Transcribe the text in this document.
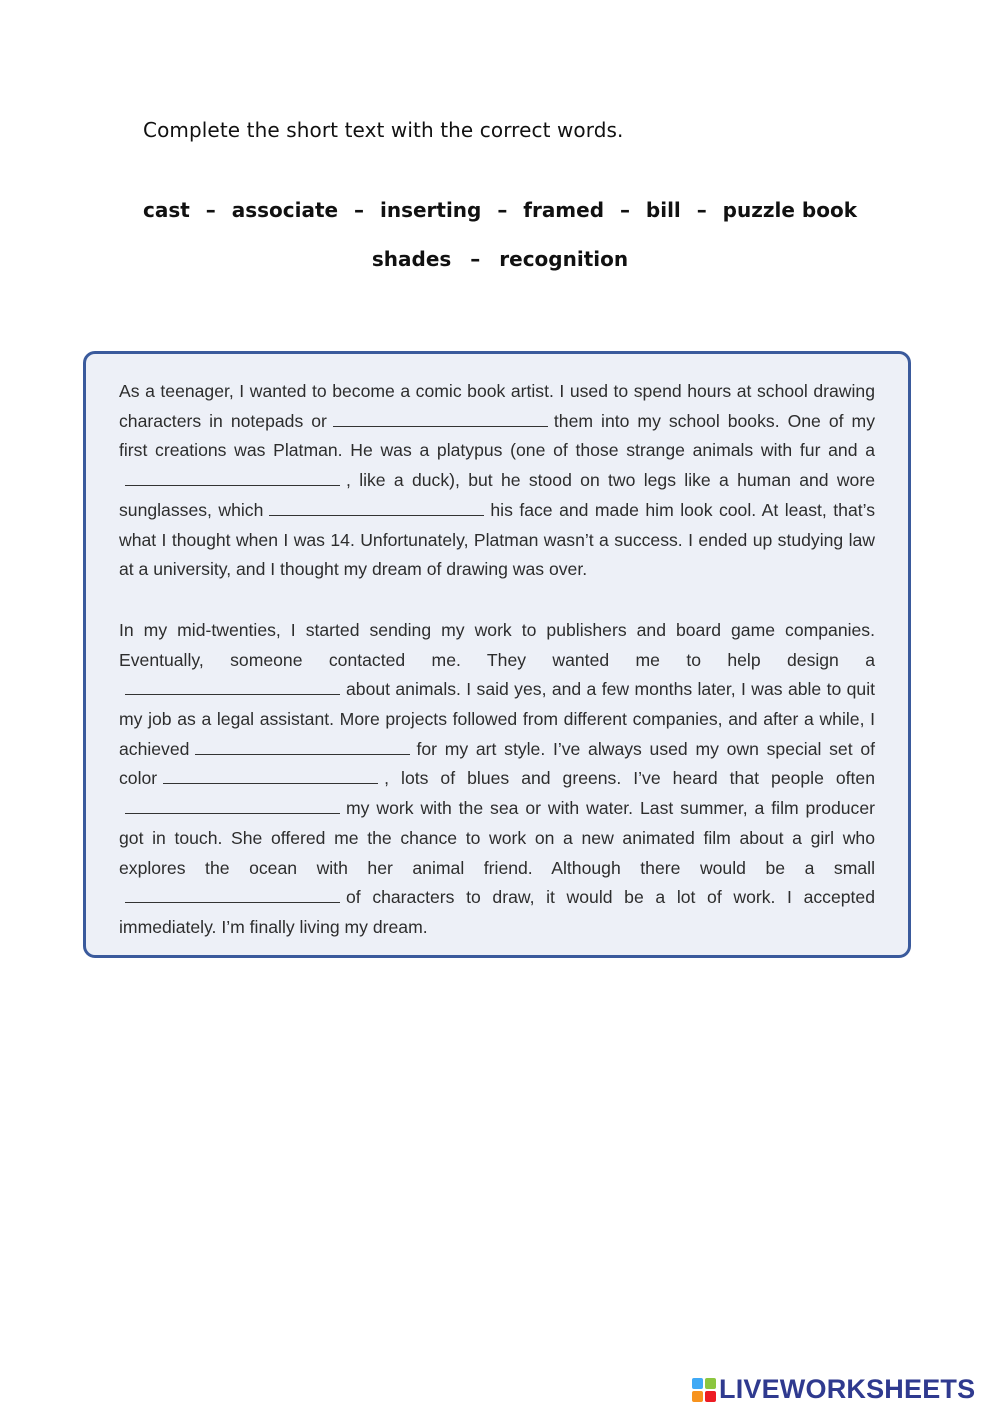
Complete the short text with the correct words.
cast – associate – inserting – framed – bill – puzzle book
shades – recognition

As a teenager, I wanted to become a comic book artist. I used to spend hours at school drawing characters in notepads or	them into my school books. One of my first creations was Platman. He was a platypus (one of those strange animals with fur and a, like a duck), but he stood on two legs like a human and wore sunglasses, which	his face and made him look cool. At least, that’s what I thought when I was 14. Unfortunately, Platman wasn’t a success. I ended up studying law at a university, and I thought my dream of drawing was over.

In my mid-twenties, I started sending my work to publishers and board game companies. Eventually, someone contacted me. They wanted me to help design a about animals. I said yes, and a few months later, I was able to quit my job as a legal assistant. More projects followed from different companies, and after a while, I achieved	for my art style. I’ve always used my own special set of color	, lots of blues and greens. I’ve heard that people oftenmy work with the sea or with water. Last summer, a film producer got in touch. She offered me the chance to work on a new animated film about a girl who explores the ocean with her animal friend. Although there would be a smallof characters to draw, it would be a lot of work. I accepted immediately. I’m finally living my dream.

LIVEWORKSHEETS
